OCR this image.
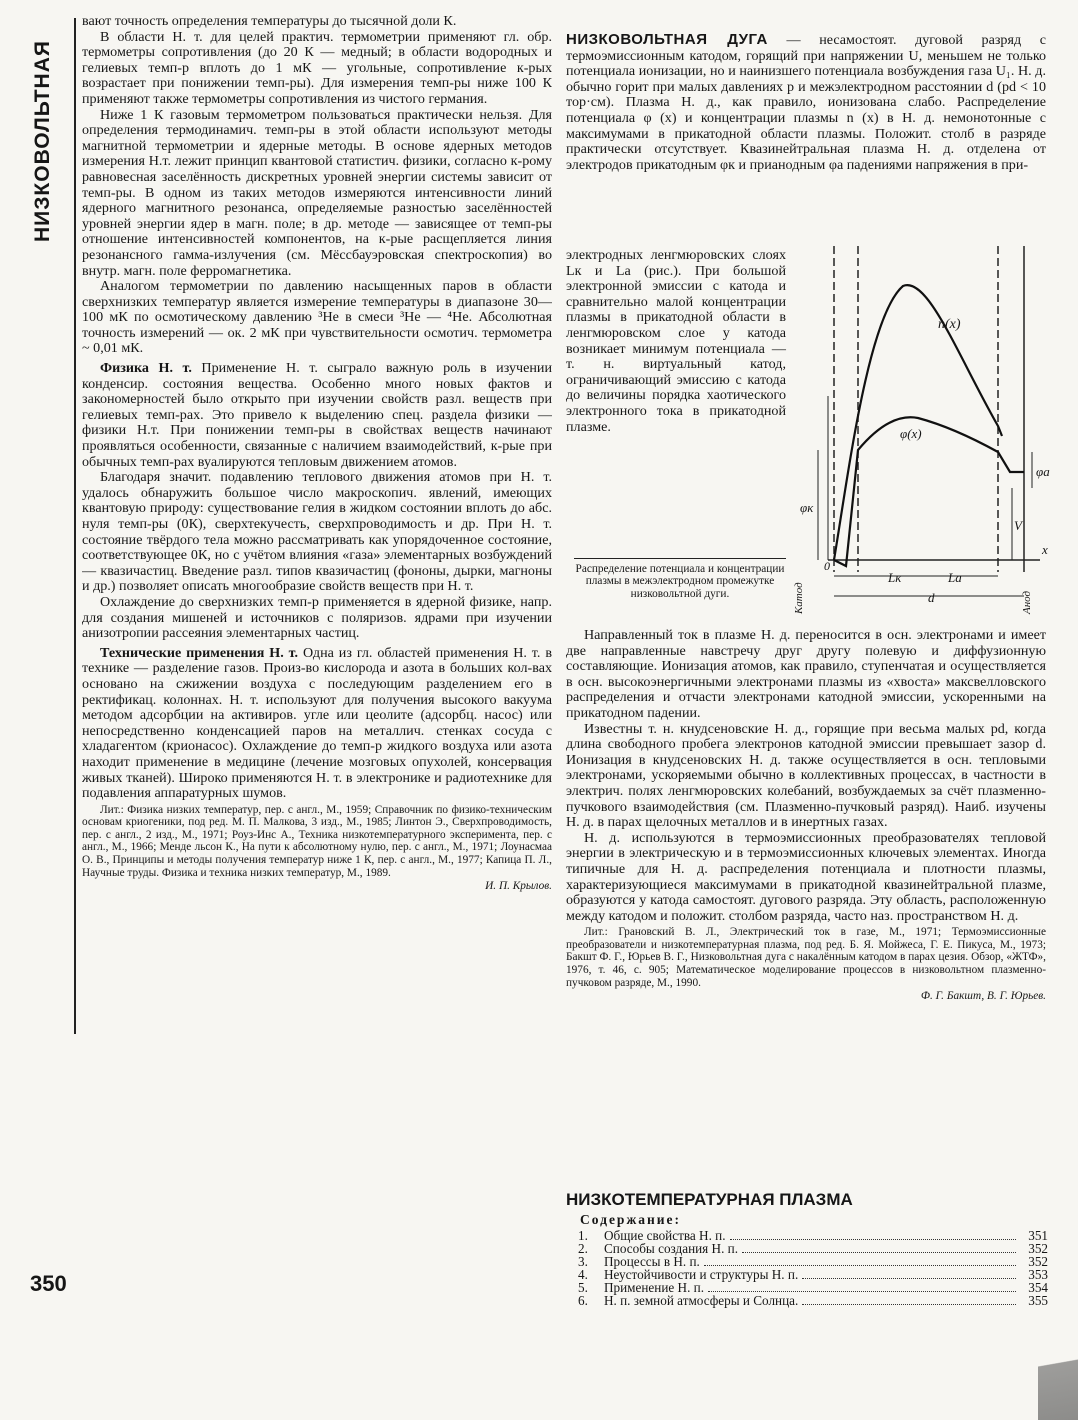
НИЗКОВОЛЬТНАЯ
350

вают точность определения температуры до тысячной доли К.

В области Н. т. для целей практич. термометрии применяют гл. обр. термометры сопротивления (до 20 К — медный; в области водородных и гелиевых темп-р вплоть до 1 мК — угольные, сопротивление к-рых возрастает при понижении темп-ры). Для измерения темп-ры ниже 100 К применяют также термометры сопротивления из чистого германия.

Ниже 1 К газовым термометром пользоваться практически нельзя. Для определения термодинамич. темп-ры в этой области используют методы магнитной термометрии и ядерные методы. В основе ядерных методов измерения Н.т. лежит принцип квантовой статистич. физики, согласно к-рому равновесная заселённость дискретных уровней энергии системы зависит от темп-ры. В одном из таких методов измеряются интенсивности линий ядерного магнитного резонанса, определяемые разностью заселённостей уровней энергии ядер в магн. поле; в др. методе — зависящее от темп-ры отношение интенсивностей компонентов, на к-рые расщепляется линия резонансного гамма-излучения (см. Мёссбауэровская спектроскопия) во внутр. магн. поле ферромагнетика.

Аналогом термометрии по давлению насыщенных паров в области сверхнизких температур является измерение температуры в диапазоне 30—100 мК по осмотическому давлению ³He в смеси ³He — ⁴He. Абсолютная точность измерений — ок. 2 мК при чувствительности осмотич. термометра ~ 0,01 мК.

Физика Н. т. Применение Н. т. сыграло важную роль в изучении конденсир. состояния вещества. Особенно много новых фактов и закономерностей было открыто при изучении свойств разл. веществ при гелиевых темп-рах. Это привело к выделению спец. раздела физики — физики Н.т. При понижении темп-ры в свойствах веществ начинают проявляться особенности, связанные с наличием взаимодействий, к-рые при обычных темп-рах вуалируются тепловым движением атомов.

Благодаря значит. подавлению теплового движения атомов при Н. т. удалось обнаружить большое число макроскопич. явлений, имеющих квантовую природу: существование гелия в жидком состоянии вплоть до абс. нуля темп-ры (0К), сверхтекучесть, сверхпроводимость и др. При Н. т. состояние твёрдого тела можно рассматривать как упорядоченное состояние, соответствующее 0К, но с учётом влияния «газа» элементарных возбуждений — квазичастиц. Введение разл. типов квазичастиц (фононы, дырки, магноны и др.) позволяет описать многообразие свойств веществ при Н. т.

Охлаждение до сверхнизких темп-р применяется в ядерной физике, напр. для создания мишеней и источников с поляризов. ядрами при изучении анизотропии рассеяния элементарных частиц.

Технические применения Н. т. Одна из гл. областей применения Н. т. в технике — разделение газов. Произ-во кислорода и азота в больших кол-вах основано на сжижении воздуха с последующим разделением его в ректификац. колоннах. Н. т. используют для получения высокого вакуума методом адсорбции на активиров. угле или цеолите (адсорбц. насос) или непосредственно конденсацией паров на металлич. стенках сосуда с хладагентом (крионасос). Охлаждение до темп-р жидкого воздуха или азота находит применение в медицине (лечение мозговых опухолей, консервация живых тканей). Широко применяются Н. т. в электронике и радиотехнике для подавления аппаратурных шумов.

Лит.: Физика низких температур, пер. с англ., М., 1959; Справочник по физико-техническим основам криогеники, под ред. М. П. Малкова, 3 изд., М., 1985; Линтон Э., Сверхпроводимость, пер. с англ., 2 изд., М., 1971; Роуз-Инс А., Техника низкотемпературного эксперимента, пер. с англ., М., 1966; Менде льсон К., На пути к абсолютному нулю, пер. с англ., М., 1971; Лоунасмаа О. В., Принципы и методы получения температур ниже 1 К, пер. с англ., М., 1977; Капица П. Л., Научные труды. Физика и техника низких температур, М., 1989.

И. П. Крылов.

НИЗКОВОЛЬТНАЯ ДУГА — несамостоят. дуговой разряд с термоэмиссионным катодом, горящий при напряжении U, меньшем не только потенциала ионизации, но и наинизшего потенциала возбуждения газа U₁. Н. д. обычно горит при малых давлениях p и межэлектродном расстоянии d (pd < 10 тор·см). Плазма Н. д., как правило, ионизована слабо. Распределение потенциала φ (x) и концентрации плазмы n (x) в Н. д. немонотонные с максимумами в прикатодной области плазмы. Положит. столб в разряде практически отсутствует. Квазинейтральная плазма Н. д. отделена от электродов прикатодным φк и прианодным φа падениями напряжения в при-

электродных ленгмюровских слоях Lк и Lа (рис.). При большой электронной эмиссии с катода и сравнительно малой концентрации плазмы в прикатодной области в ленгмюровском слое у катода возникает минимум потенциала — т. н. виртуальный катод, ограничивающий эмиссию с катода до величины порядка хаотического электронного тока в прикатодной плазме.

Распределение потенциала и концентрации плазмы в межэлектродном промежутке низковольтной дуги.
n(x)
φ(x)
φк
φа
V
x
0
Lк	Lа
d
Катод	Анод

Направленный ток в плазме Н. д. переносится в осн. электронами и имеет две направленные навстречу друг другу полевую и диффузионную составляющие. Ионизация атомов, как правило, ступенчатая и осуществляется в осн. высокоэнергичными электронами плазмы из «хвоста» максвелловского распределения и отчасти электронами катодной эмиссии, ускоренными на прикатодном падении.

Известны т. н. кнудсеновские Н. д., горящие при весьма малых pd, когда длина свободного пробега электронов катодной эмиссии превышает зазор d. Ионизация в кнудсеновских Н. д. также осуществляется в осн. тепловыми электронами, ускоряемыми обычно в коллективных процессах, в частности в электрич. полях ленгмюровских колебаний, возбуждаемых за счёт плазменно-пучкового взаимодействия (см. Плазменно-пучковый разряд). Наиб. изучены Н. д. в парах щелочных металлов и в инертных газах.

Н. д. используются в термоэмиссионных преобразователях тепловой энергии в электрическую и в термоэмиссионных ключевых элементах. Иногда типичные для Н. д. распределения потенциала и плотности плазмы, характеризующиеся максимумами в прикатодной квазинейтральной плазме, образуются у катода самостоят. дугового разряда. Эту область, расположенную между катодом и положит. столбом разряда, часто наз. пространством Н. д.

Лит.: Грановский В. Л., Электрический ток в газе, М., 1971; Термоэмиссионные преобразователи и низкотемпературная плазма, под ред. Б. Я. Мойжеса, Г. Е. Пикуса, М., 1973; Бакшт Ф. Г., Юрьев В. Г., Низковольтная дуга с накалённым катодом в парах цезия. Обзор, «ЖТФ», 1976, т. 46, с. 905; Математическое моделирование процессов в низковольтном плазменно-пучковом разряде, М., 1990.

Ф. Г. Бакшт, В. Г. Юрьев.
НИЗКОТЕМПЕРАТУРНАЯ ПЛАЗМА
Содержание:
1.	Общие свойства Н. п.	351
2.	Способы создания Н. п.	352
3.	Процессы в Н. п.	352
4.	Неустойчивости и структуры Н. п.	353
5.	Применение Н. п.	354
6.	Н. п. земной атмосферы и Солнца.	355
